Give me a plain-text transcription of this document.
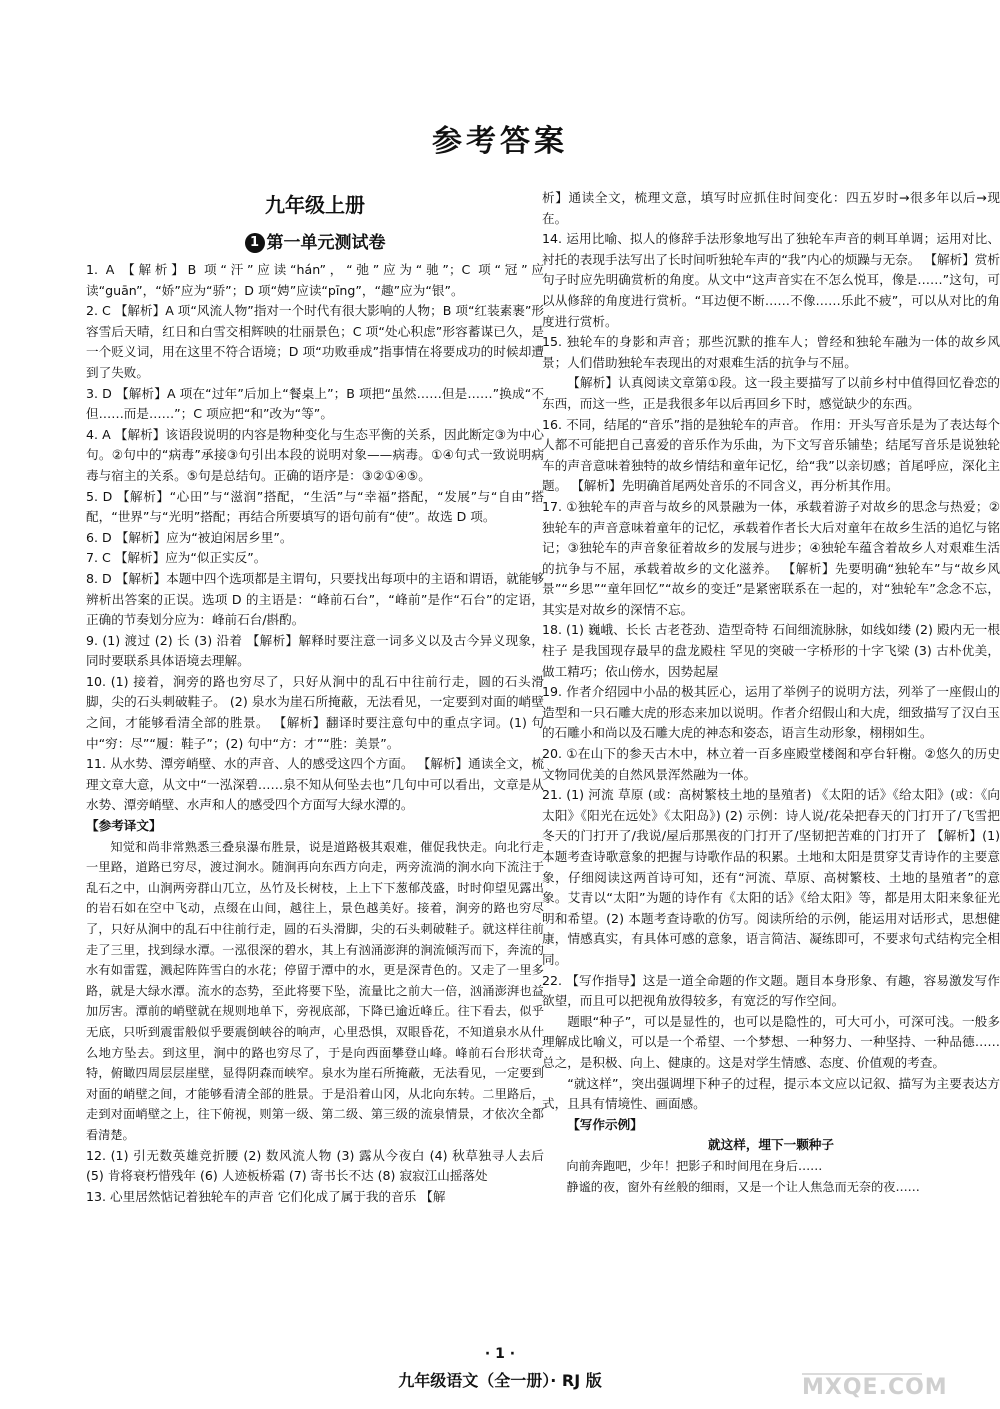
参考答案
九年级上册
1 第一单元测试卷

1. A 【解析】B 项“汗”应读“hán”，“弛”应为“驰”；C 项“冠”应读“guān”，“娇”应为“骄”；D 项“娉”应读“pīng”，“趣”应为“银”。

2. C 【解析】A 项“风流人物”指对一个时代有很大影响的人物；B 项“红装素裹”形容雪后天晴，红日和白雪交相辉映的壮丽景色；C 项“处心积虑”形容蓄谋已久，是一个贬义词，用在这里不符合语境；D 项“功败垂成”指事情在将要成功的时候却遭到了失败。

3. D 【解析】A 项在“过年”后加上“餐桌上”；B 项把“虽然……但是……”换成“不但……而是……”；C 项应把“和”改为“等”。

4. A 【解析】该语段说明的内容是物种变化与生态平衡的关系，因此断定③为中心句。②句中的“病毒”承接③句引出本段的说明对象——病毒。①④句式一致说明病毒与宿主的关系。⑤句是总结句。正确的语序是：③②①④⑤。

5. D 【解析】“心田”与“滋润”搭配，“生活”与“幸福”搭配，“发展”与“自由”搭配，“世界”与“光明”搭配；再结合所要填写的语句前有“使”。故选 D 项。

6. D 【解析】应为“被迫闲居乡里”。

7. C 【解析】应为“似正实反”。

8. D 【解析】本题中四个选项都是主谓句，只要找出每项中的主语和谓语，就能够辨析出答案的正误。选项 D 的主语是：“峰前石台”，“峰前”是作“石台”的定语，正确的节奏划分应为：峰前石台/斟酌。

9. (1) 渡过 (2) 长 (3) 沿着 【解析】解释时要注意一词多义以及古今异义现象，同时要联系具体语境去理解。

10. (1) 接着，涧旁的路也穷尽了，只好从涧中的乱石中往前行走，圆的石头滑脚，尖的石头刺破鞋子。 (2) 泉水为崖石所掩蔽，无法看见，一定要到对面的峭壁之间，才能够看清全部的胜景。 【解析】翻译时要注意句中的重点字词。(1) 句中“穷：尽”“履：鞋子”；(2) 句中“方：才”“胜：美景”。

11. 从水势、潭旁峭壁、水的声音、人的感受这四个方面。 【解析】通读全文，梳理文章大意，从文中“一泓深碧……泉不知从何坠去也”几句中可以看出，文章是从水势、潭旁峭壁、水声和人的感受四个方面写大绿水潭的。

【参考译文】

知觉和尚非常熟悉三叠泉瀑布胜景，说是道路极其艰难，催促我快走。向北行走一里路，道路已穷尽，渡过涧水。随涧再向东西方向走，两旁流淌的涧水向下流注于乱石之中，山涧两旁群山兀立，丛竹及长树枝，上上下下葱郁茂盛，时时仰望见露出的岩石如在空中飞动，点缀在山间，越往上，景色越美好。接着，涧旁的路也穷尽了，只好从涧中的乱石中往前行走，圆的石头滑脚，尖的石头刺破鞋子。就这样往前走了三里，找到绿水潭。一泓很深的碧水，其上有汹涌澎湃的涧流倾泻而下，奔流的水有如雷霆，溅起阵阵雪白的水花；停留于潭中的水，更是深青色的。又走了一里多路，就是大绿水潭。流水的态势，至此将要下坠，流量比之前大一倍，汹涌澎湃也益加厉害。潭前的峭壁就在规则地单下，旁视底部，下降已逾近峰丘。往下看去，似乎无底，只听到震雷般似乎要震倒峡谷的响声，心里恐惧，双眼昏花，不知道泉水从什么地方坠去。到这里，涧中的路也穷尽了，于是向西面攀登山峰。峰前石台形状奇特，俯瞰四周层层崖壁，显得阴森而峡窄。泉水为崖石所掩蔽，无法看见，一定要到对面的峭壁之间，才能够看清全部的胜景。于是沿着山冈，从北向东转。二里路后，走到对面峭壁之上，往下俯视，则第一级、第二级、第三级的流泉情景，才依次全都看清楚。

12. (1) 引无数英雄竞折腰 (2) 数风流人物 (3) 露从今夜白 (4) 秋草独寻人去后 (5) 肯将衰朽惜残年 (6) 人迹板桥霜 (7) 寄书长不达 (8) 寂寂江山摇落处

13. 心里居然惦记着独轮车的声音 它们化成了属于我的音乐 【解

析】通读全文，梳理文意，填写时应抓住时间变化：四五岁时→很多年以后→现在。

14. 运用比喻、拟人的修辞手法形象地写出了独轮车声音的刺耳单调；运用对比、衬托的表现手法写出了长时间听独轮车声的“我”内心的烦躁与无奈。 【解析】赏析句子时应先明确赏析的角度。从文中“这声音实在不怎么悦耳，像是……”这句，可以从修辞的角度进行赏析。“耳边便不断……不像……乐此不疲”，可以从对比的角度进行赏析。

15. 独轮车的身影和声音；那些沉默的推车人；曾经和独轮车融为一体的故乡风景；人们借助独轮车表现出的对艰难生活的抗争与不屈。

【解析】认真阅读文章第①段。这一段主要描写了以前乡村中值得回忆眷恋的东西，而这一些，正是我很多年以后再回乡下时，感觉缺少的东西。

16. 不同，结尾的“音乐”指的是独轮车的声音。 作用：开头写音乐是为了表达每个人都不可能把自己喜爱的音乐作为乐曲，为下文写音乐铺垫；结尾写音乐是说独轮车的声音意味着独特的故乡情结和童年记忆，给“我”以亲切感；首尾呼应，深化主题。 【解析】先明确首尾两处音乐的不同含义，再分析其作用。

17. ①独轮车的声音与故乡的风景融为一体，承载着游子对故乡的思念与热爱；②独轮车的声音意味着童年的记忆，承载着作者长大后对童年在故乡生活的追忆与铭记；③独轮车的声音象征着故乡的发展与进步；④独轮车蕴含着故乡人对艰难生活的抗争与不屈，承载着故乡的文化滋养。 【解析】先要明确“独轮车”与“故乡风景”“乡思”“童年回忆”“故乡的变迁”是紧密联系在一起的，对“独轮车”念念不忘，其实是对故乡的深情不忘。

18. (1) 巍峨、长长 古老苍劲、造型奇特 石间细流脉脉，如线如缕 (2) 殿内无一根柱子 是我国现存最早的盘龙殿柱 罕见的突破一字桥形的十字飞梁 (3) 古朴优美，做工精巧；依山傍水，因势起屋

19. 作者介绍园中小品的极其匠心，运用了举例子的说明方法，列举了一座假山的造型和一只石雕大虎的形态来加以说明。作者介绍假山和大虎，细致描写了汉白玉的石雕小和尚以及石雕大虎的神态和姿态，语言生动形象，栩栩如生。

20. ①在山下的参天古木中，林立着一百多座殿堂楼阁和亭台轩榭。②悠久的历史文物同优美的自然风景浑然融为一体。

21. (1) 河流 草原 (或：高树繁枝土地的垦殖者) 《太阳的话》《给太阳》(或：《向太阳》《阳光在远处》《太阳岛》) (2) 示例：诗人说/花朵把春天的门打开了/飞雪把冬天的门打开了/我说/屋后那黑夜的门打开了/坚韧把苦难的门打开了 【解析】(1) 本题考查诗歌意象的把握与诗歌作品的积累。土地和太阳是贯穿艾青诗作的主要意象，仔细阅读这两首诗可知，还有“河流、草原、高树繁枝、土地的垦殖者”的意象。艾青以“太阳”为题的诗作有《太阳的话》《给太阳》等，都是用太阳来象征光明和希望。(2) 本题考查诗歌的仿写。阅读所给的示例，能运用对话形式，思想健康，情感真实，有具体可感的意象，语言简洁、凝练即可，不要求句式结构完全相同。

22. 【写作指导】这是一道全命题的作文题。题目本身形象、有趣，容易激发写作欲望，而且可以把视角放得较多，有宽泛的写作空间。

题眼“种子”，可以是显性的，也可以是隐性的，可大可小，可深可浅。一般多理解成比喻义，可以是一个希望、一个梦想、一种努力、一种坚持、一种品德……总之，是积极、向上、健康的。这是对学生情感、态度、价值观的考查。

“就这样”，突出强调埋下种子的过程，提示本文应以记叙、描写为主要表达方式，且具有情境性、画面感。

【写作示例】

就这样，埋下一颗种子

向前奔跑吧，少年！把影子和时间甩在身后……

静谧的夜，窗外有丝般的细雨，又是一个让人焦急而无奈的夜……

· 1 ·
九年级语文（全一册）· RJ 版	MXQE.COM
